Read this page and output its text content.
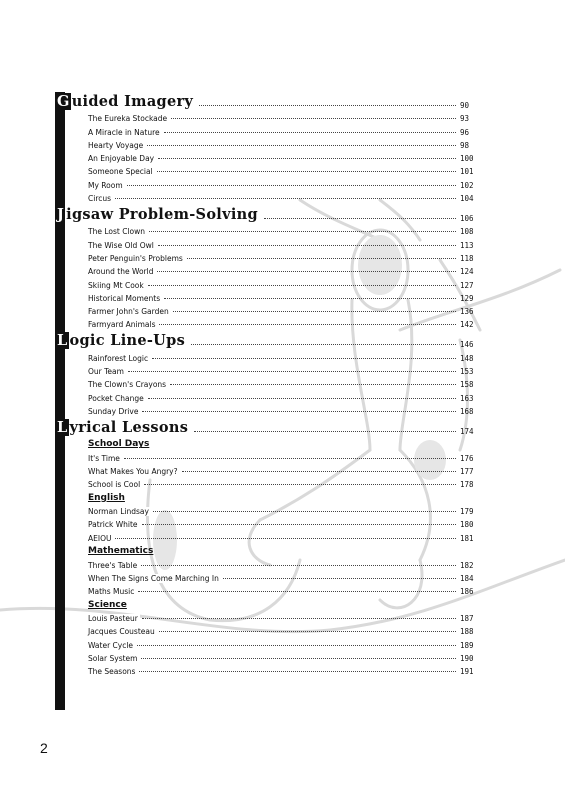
G uided Imagery	90
The Eureka Stockade	93
A Miracle in Nature	96
Hearty Voyage	98
An Enjoyable Day	100
Someone Special	101
My Room	102
Circus	104
J igsaw Problem-Solving	106
The Lost Clown	108
The Wise Old Owl	113
Peter Penguin's Problems	118
Around the World	124
Skiing Mt Cook	127
Historical Moments	129
Farmer John's Garden	136
Farmyard Animals	142
L ogic Line-Ups	146
Rainforest Logic	148
Our Team	153
The Clown's Crayons	158
Pocket Change	163
Sunday Drive	168
L yrical Lessons	174
School Days
It's Time	176
What Makes You Angry?	177
School is Cool	178
English
Norman Lindsay	179
Patrick White	180
AEIOU	181
Mathematics
Three's Table	182
When The Signs Come Marching In	184
Maths Music	186
Science
Louis Pasteur	187
Jacques Cousteau	188
Water Cycle	189
Solar System	190
The Seasons	191
2
